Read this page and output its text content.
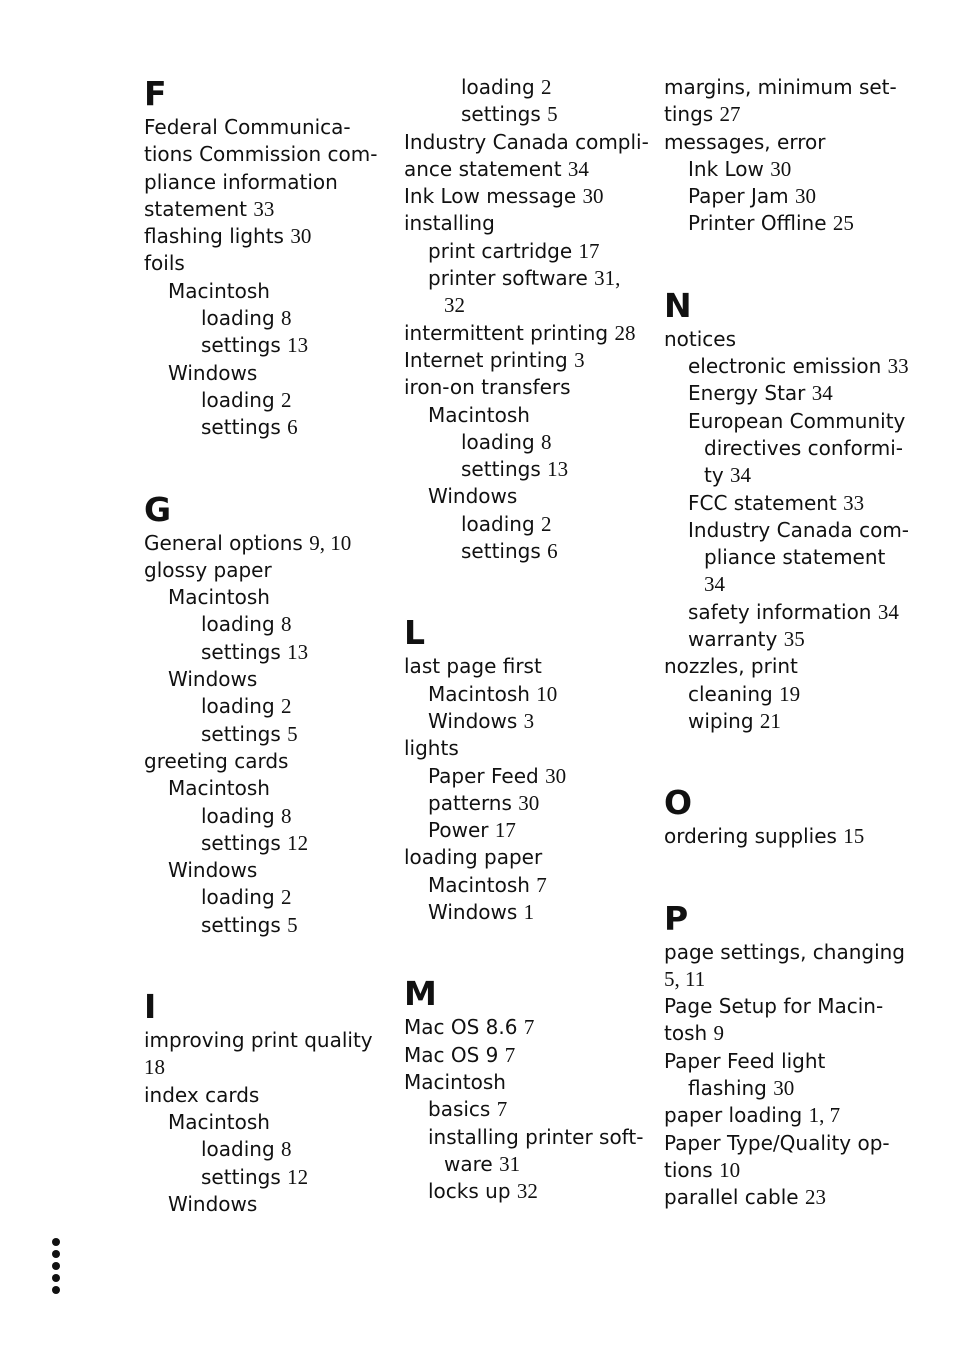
F
Federal Communica-
tions Commission com-
pliance information
statement 33
flashing lights 30
foils
Macintosh
loading 8
settings 13
Windows
loading 2
settings 6
G
General options 9, 10
glossy paper
Macintosh
loading 8
settings 13
Windows
loading 2
settings 5
greeting cards
Macintosh
loading 8
settings 12
Windows
loading 2
settings 5
I
improving print quality
18
index cards
Macintosh
loading 8
settings 12
Windows
loading 2
settings 5
Industry Canada compli-
ance statement 34
Ink Low message 30
installing
print cartridge 17
printer software 31,
32
intermittent printing 28
Internet printing 3
iron-on transfers
Macintosh
loading 8
settings 13
Windows
loading 2
settings 6
L
last page first
Macintosh 10
Windows 3
lights
Paper Feed 30
patterns 30
Power 17
loading paper
Macintosh 7
Windows 1
M
Mac OS 8.6 7
Mac OS 9 7
Macintosh
basics 7
installing printer soft-
ware 31
locks up 32
margins, minimum set-
tings 27
messages, error
Ink Low 30
Paper Jam 30
Printer Offline 25
N
notices
electronic emission 33
Energy Star 34
European Community
directives conformi-
ty 34
FCC statement 33
Industry Canada com-
pliance statement
34
safety information 34
warranty 35
nozzles, print
cleaning 19
wiping 21
O
ordering supplies 15
P
page settings, changing
5, 11
Page Setup for Macin-
tosh 9
Paper Feed light
flashing 30
paper loading 1, 7
Paper Type/Quality op-
tions 10
parallel cable 23
